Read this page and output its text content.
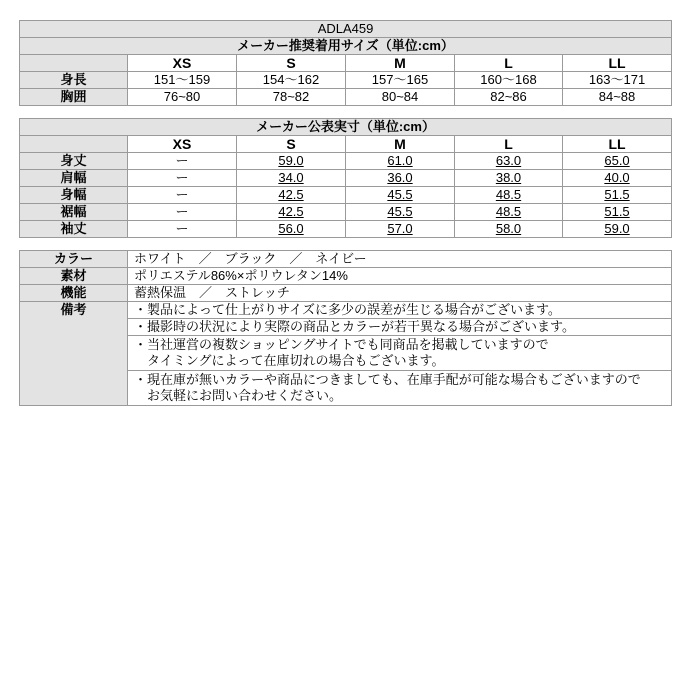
ADLA459					
メーカー推奨着用サイズ（単位:cm）					
	XS	S	M	L	LL
身長	151～159	154～162	157～165	160～168	163～171
胸囲	76~80	78~82	80~84	82~86	84~88
メーカー公表実寸（単位:cm）					
	XS	S	M	L	LL
身丈	ー	59.0	61.0	63.0	65.0
肩幅	ー	34.0	36.0	38.0	40.0
身幅	ー	42.5	45.5	48.5	51.5
裾幅	ー	42.5	45.5	48.5	51.5
袖丈	ー	56.0	57.0	58.0	59.0
カラー	ホワイト　／　ブラック　／　ネイビー
素材	ポリエステル86%×ポリウレタン14%
機能	蓄熱保温　／　ストレッチ
備考	・製品によって仕上がりサイズに多少の誤差が生じる場合がございます。
	・撮影時の状況により実際の商品とカラーが若干異なる場合がございます。

	・当社運営の複数ショッピングサイトでも同商品を掲載していますので
タイミングによって在庫切れの場合もございます。

	・現在庫が無いカラーや商品につきましても、在庫手配が可能な場合もございますので
お気軽にお問い合わせください。
